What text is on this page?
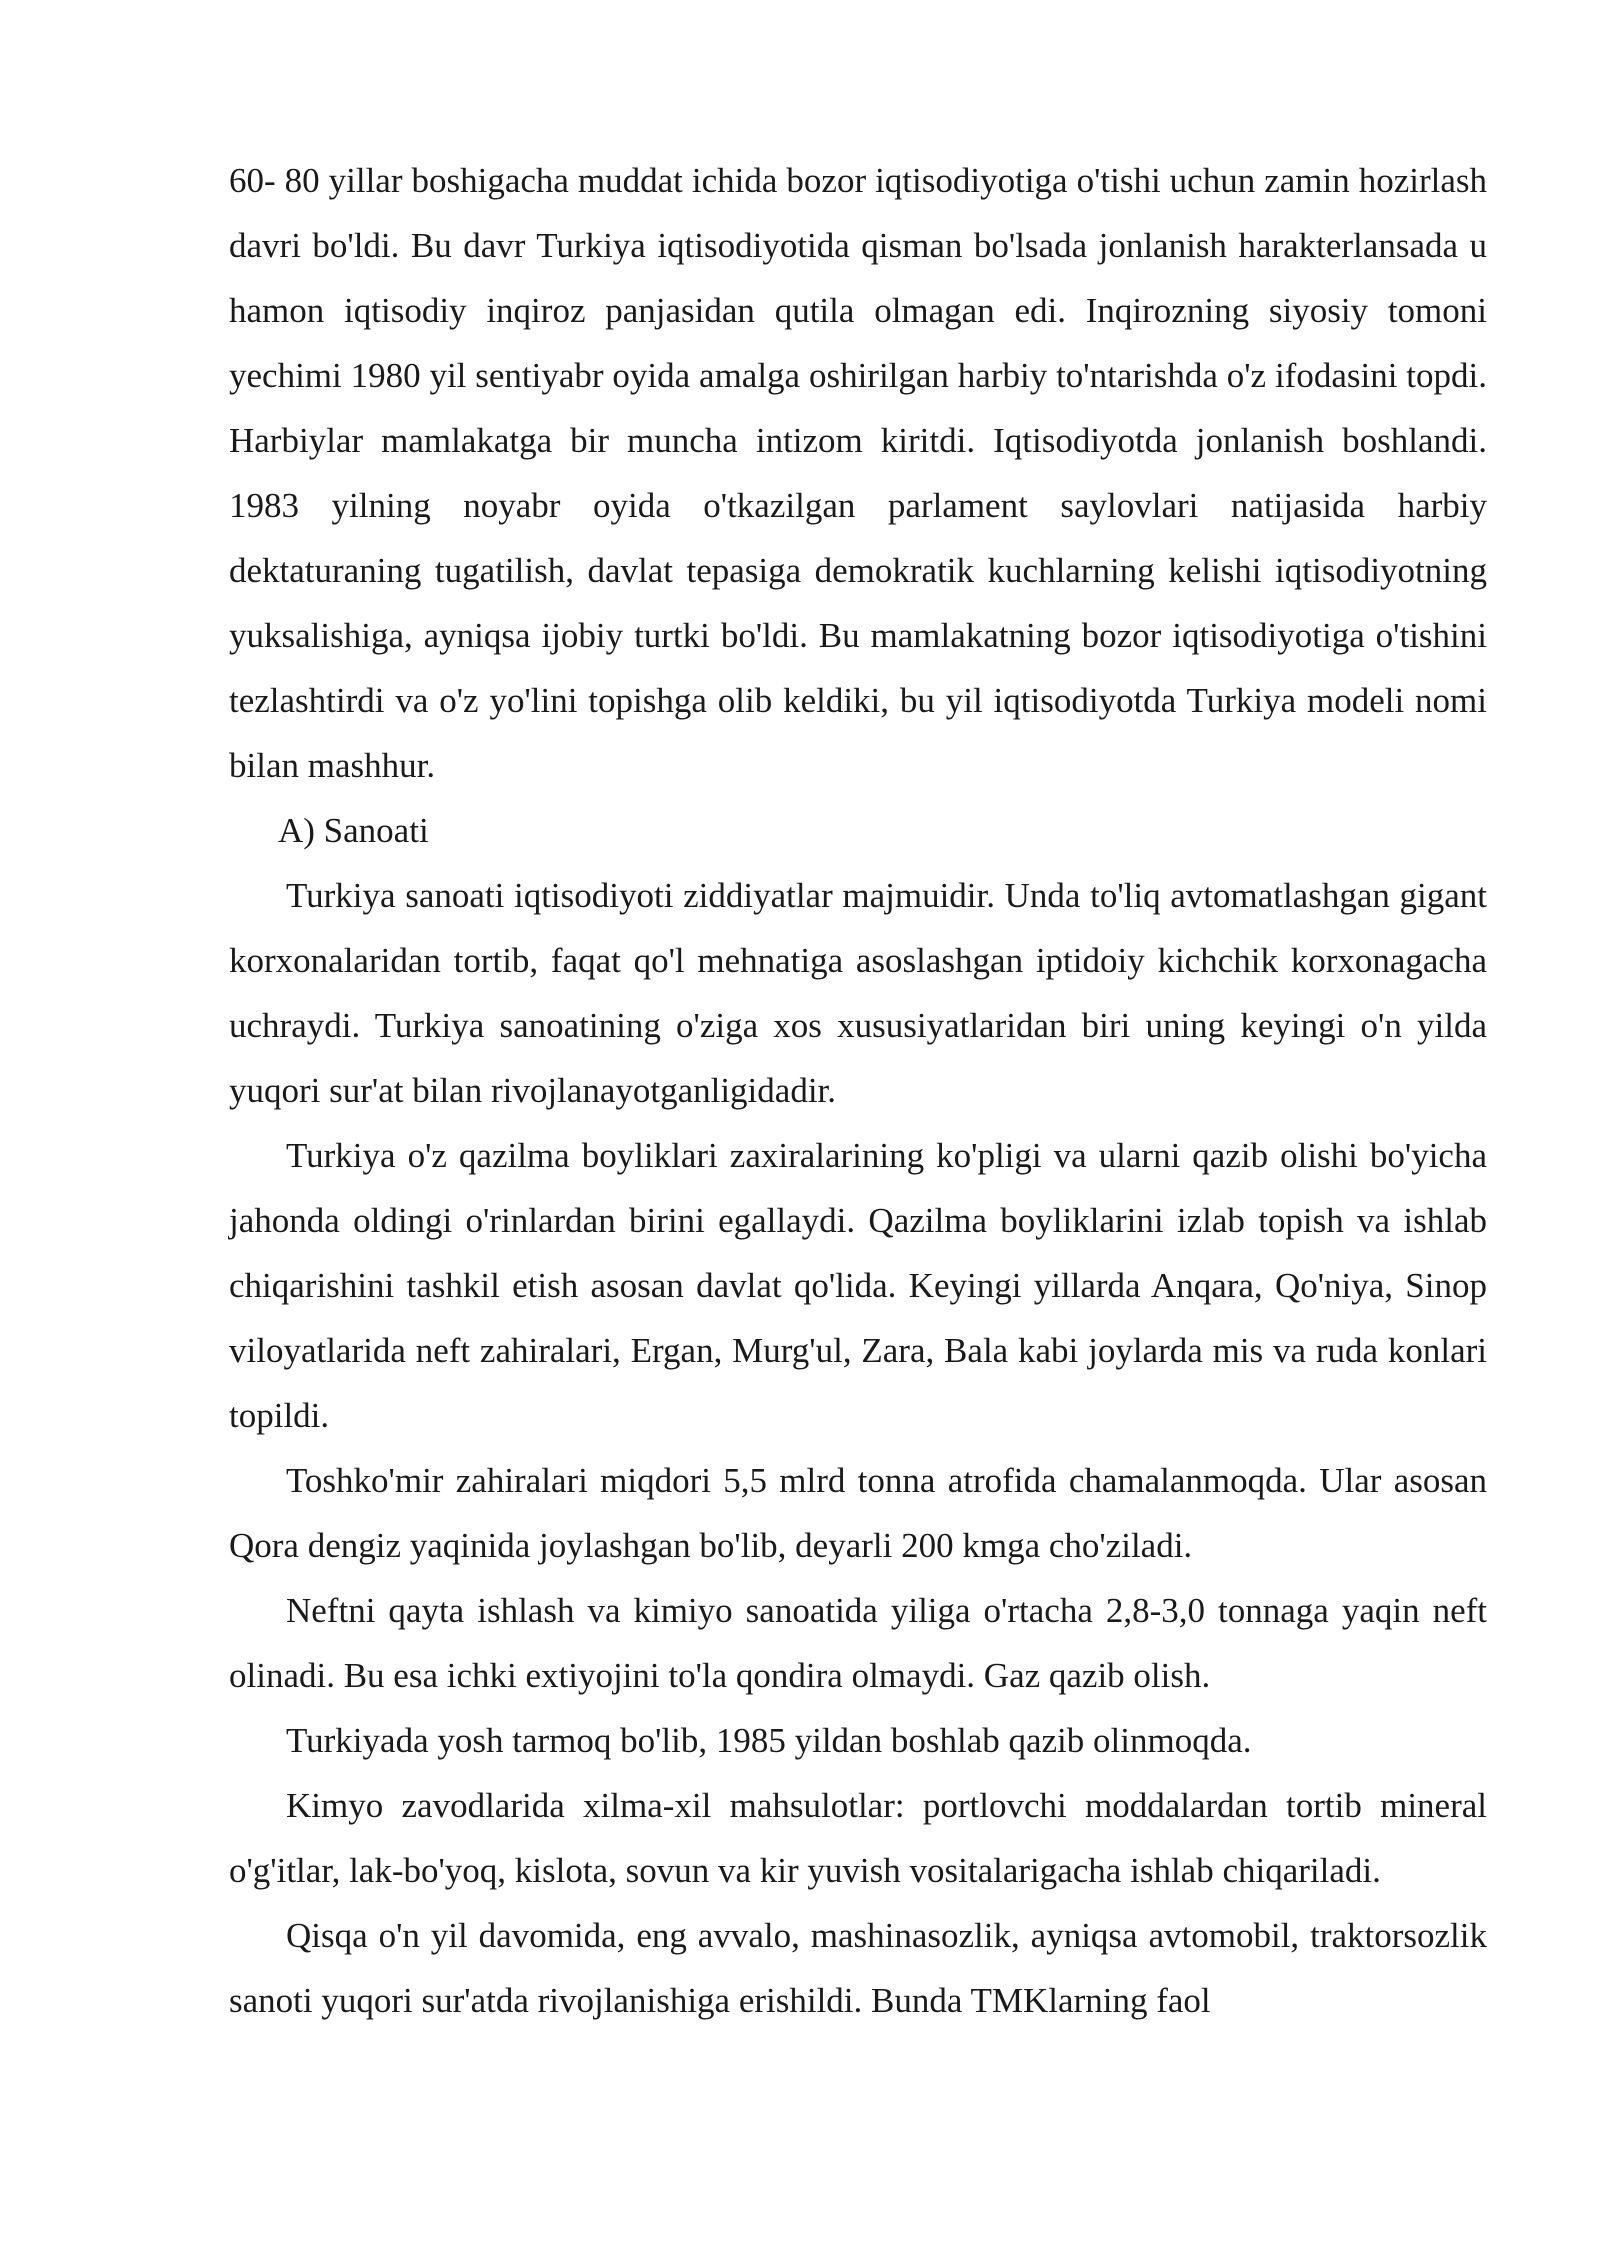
60- 80 yillar boshigacha muddat ichida bozor iqtisodiyotiga o'tishi uchun zamin hozirlash davri bo'ldi. Bu davr Turkiya iqtisodiyotida qisman bo'lsada jonlanish harakterlansada u hamon iqtisodiy inqiroz panjasidan qutila olmagan edi. Inqirozning siyosiy tomoni yechimi 1980 yil sentiyabr oyida amalga oshirilgan harbiy to'ntarishda o'z ifodasini topdi. Harbiylar mamlakatga bir muncha intizom kiritdi. Iqtisodiyotda jonlanish boshlandi. 1983 yilning noyabr oyida o'tkazilgan parlament saylovlari natijasida harbiy dektaturaning tugatilish, davlat tepasiga demokratik kuchlarning kelishi iqtisodiyotning yuksalishiga, ayniqsa ijobiy turtki bo'ldi. Bu mamlakatning bozor iqtisodiyotiga o'tishini tezlashtirdi va o'z yo'lini topishga olib keldiki, bu yil iqtisodiyotda Turkiya modeli nomi bilan mashhur.

A) Sanoati

Turkiya sanoati iqtisodiyoti ziddiyatlar majmuidir. Unda to'liq avtomatlashgan gigant korxonalaridan tortib, faqat qo'l mehnatiga asoslashgan iptidoiy kichchik korxonagacha uchraydi. Turkiya sanoatining o'ziga xos xususiyatlaridan biri uning keyingi o'n yilda yuqori sur'at bilan rivojlanayotganligidadir.

Turkiya o'z qazilma boyliklari zaxiralarining ko'pligi va ularni qazib olishi bo'yicha jahonda oldingi o'rinlardan birini egallaydi. Qazilma boyliklarini izlab topish va ishlab chiqarishini tashkil etish asosan davlat qo'lida. Keyingi yillarda Anqara, Qo'niya, Sinop viloyatlarida neft zahiralari, Ergan, Murg'ul, Zara, Bala kabi joylarda mis va ruda konlari topildi.

Toshko'mir zahiralari miqdori 5,5 mlrd tonna atrofida chamalanmoqda. Ular asosan Qora dengiz yaqinida joylashgan bo'lib, deyarli 200 kmga cho'ziladi.

Neftni qayta ishlash va kimiyo sanoatida yiliga o'rtacha 2,8-3,0 tonnaga yaqin neft olinadi. Bu esa ichki extiyojini to'la qondira olmaydi. Gaz qazib olish.

Turkiyada yosh tarmoq bo'lib, 1985 yildan boshlab qazib olinmoqda.

Kimyo zavodlarida xilma-xil mahsulotlar: portlovchi moddalardan tortib mineral o'g'itlar, lak-bo'yoq, kislota, sovun va kir yuvish vositalarigacha ishlab chiqariladi.

Qisqa o'n yil davomida, eng avvalo, mashinasozlik, ayniqsa avtomobil, traktorsozlik sanoti yuqori sur'atda rivojlanishiga erishildi. Bunda TMKlarning faol
